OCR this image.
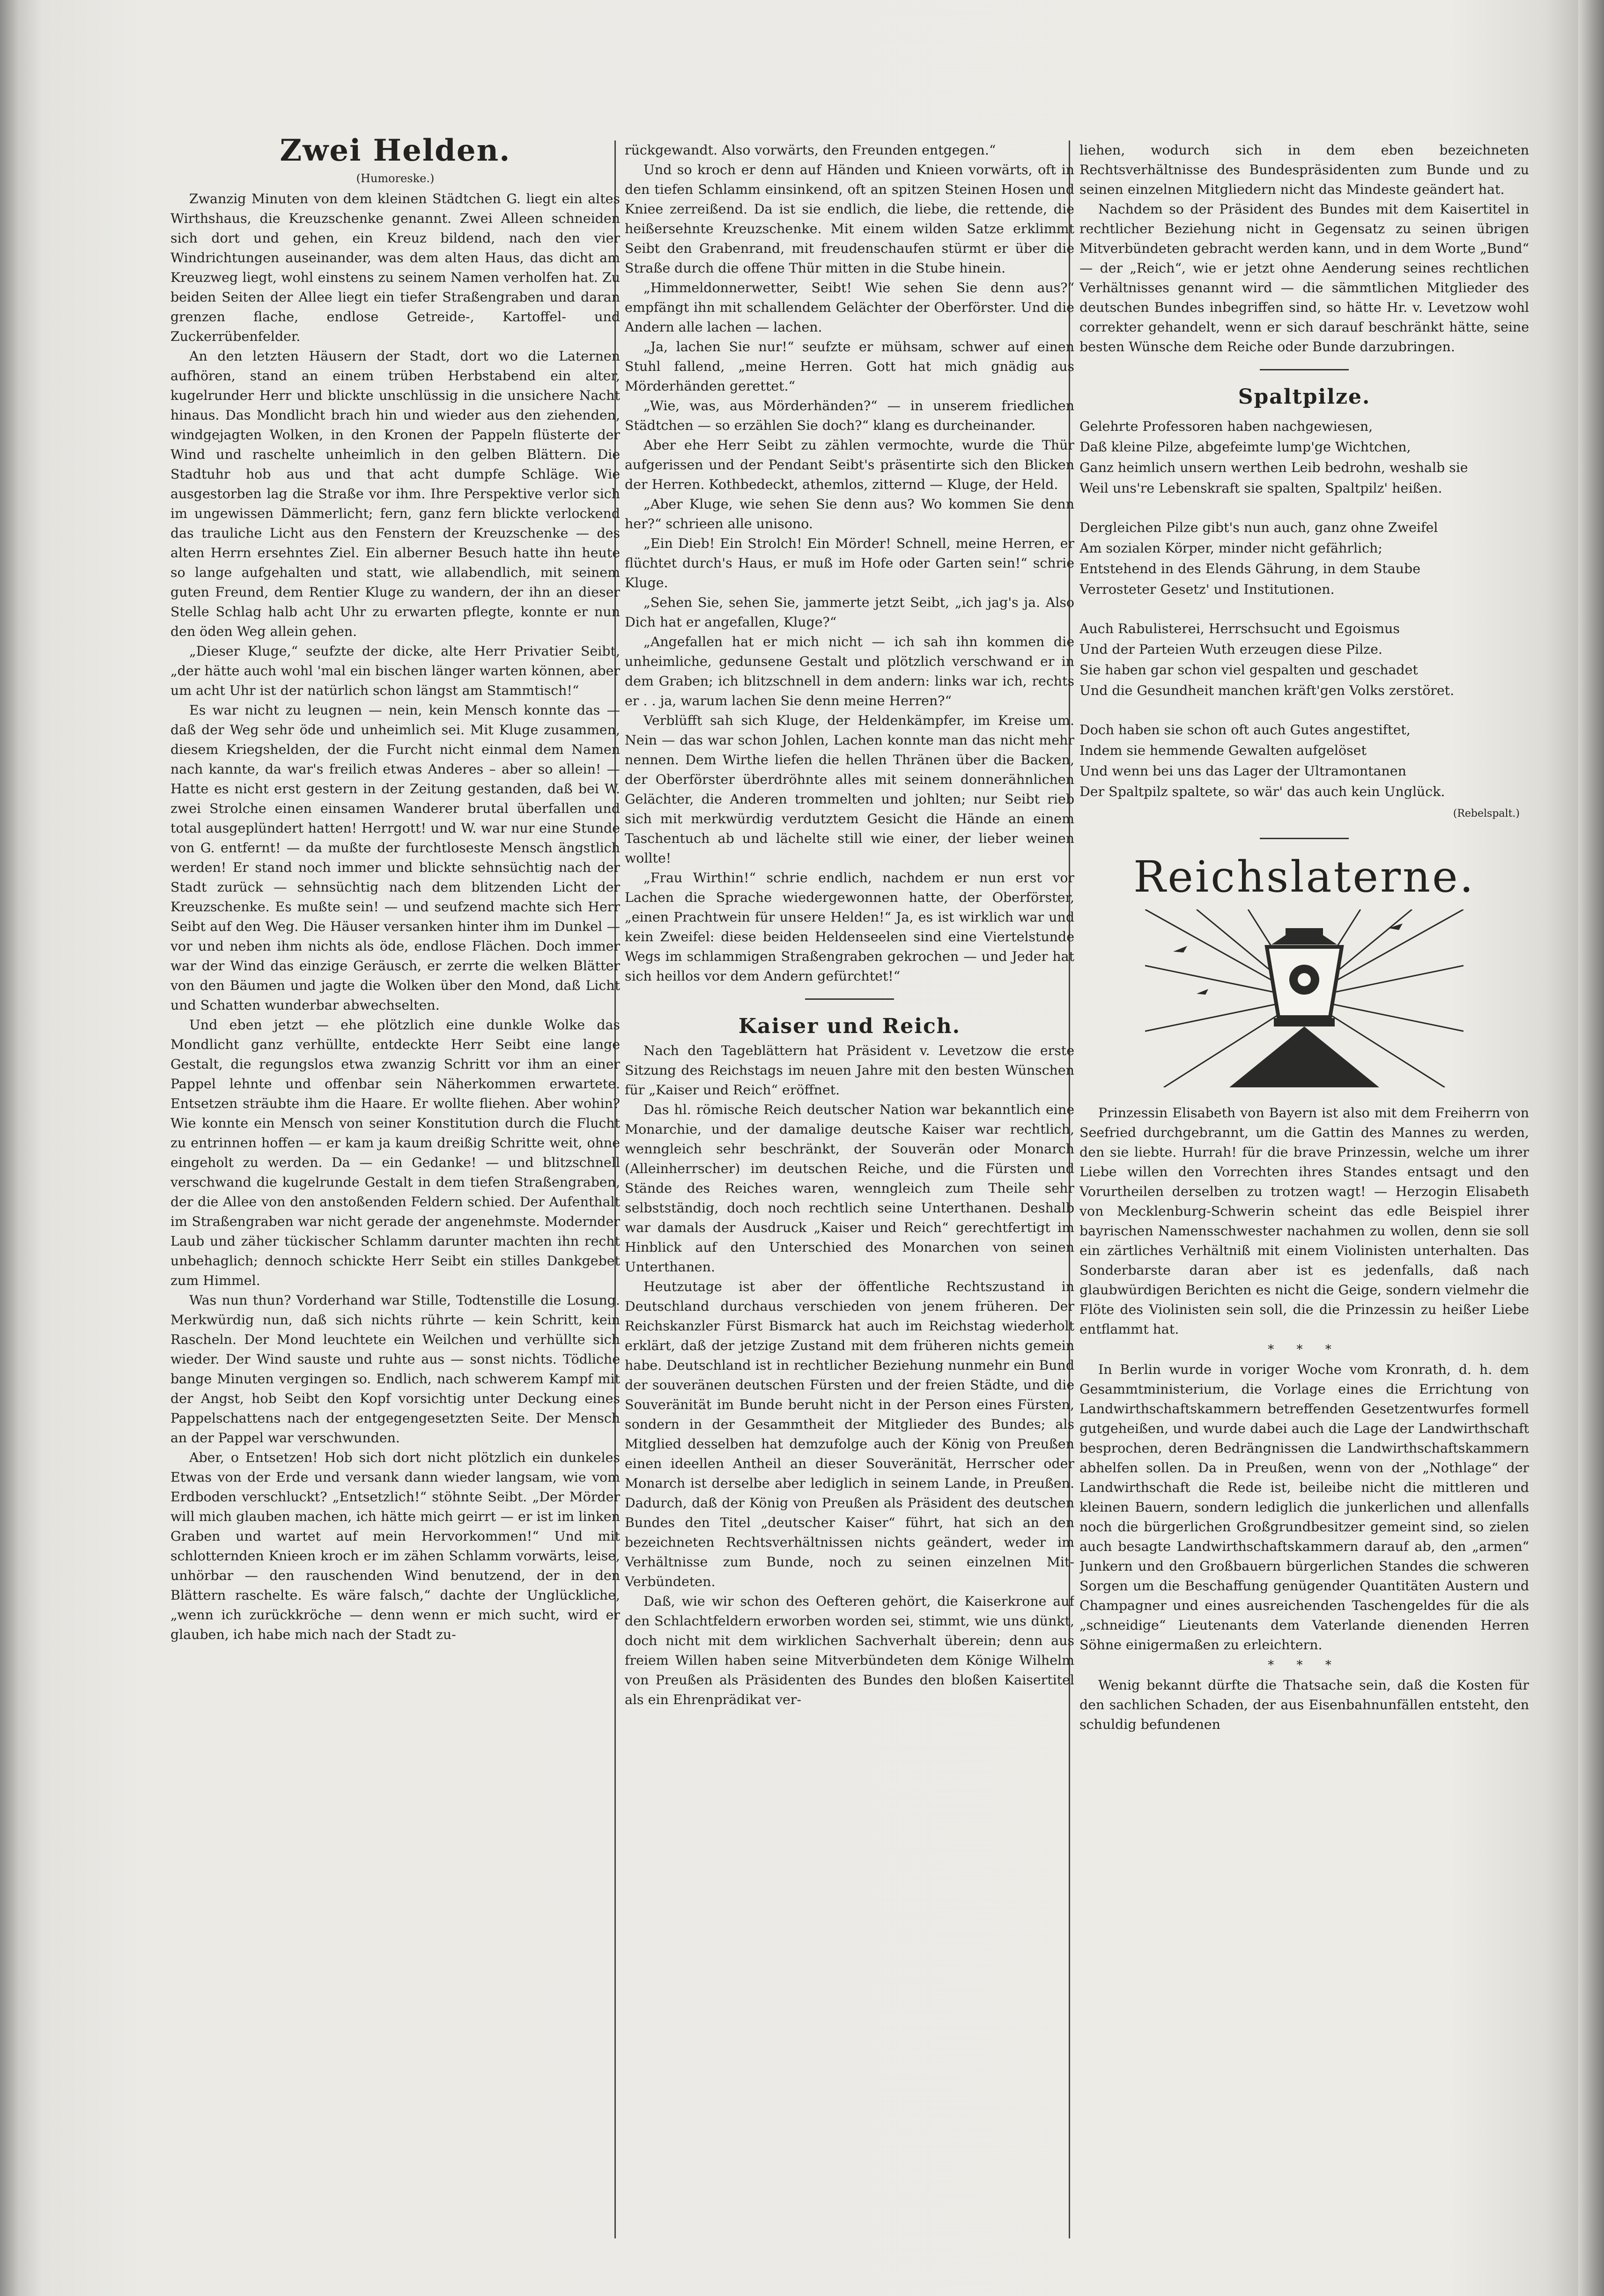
Zwei Helden.
(Humoreske.)

Zwanzig Minuten von dem kleinen Städtchen G. liegt ein altes Wirthshaus, die Kreuzschenke genannt. Zwei Alleen schneiden sich dort und gehen, ein Kreuz bildend, nach den vier Windrichtungen auseinander, was dem alten Haus, das dicht am Kreuzweg liegt, wohl einstens zu seinem Namen verholfen hat. Zu beiden Seiten der Allee liegt ein tiefer Straßengraben und daran grenzen flache, endlose Getreide-, Kartoffel- und Zuckerrübenfelder.

An den letzten Häusern der Stadt, dort wo die Laternen aufhören, stand an einem trüben Herbstabend ein alter, kugelrunder Herr und blickte unschlüssig in die unsichere Nacht hinaus. Das Mondlicht brach hin und wieder aus den ziehenden, windgejagten Wolken, in den Kronen der Pappeln flüsterte der Wind und raschelte unheimlich in den gelben Blättern. Die Stadtuhr hob aus und that acht dumpfe Schläge. Wie ausgestorben lag die Straße vor ihm. Ihre Perspektive verlor sich im ungewissen Dämmerlicht; fern, ganz fern blickte verlockend das trauliche Licht aus den Fenstern der Kreuzschenke — des alten Herrn ersehntes Ziel. Ein alberner Besuch hatte ihn heute so lange aufgehalten und statt, wie allabendlich, mit seinem guten Freund, dem Rentier Kluge zu wandern, der ihn an dieser Stelle Schlag halb acht Uhr zu erwarten pflegte, konnte er nun den öden Weg allein gehen.

„Dieser Kluge,“ seufzte der dicke, alte Herr Privatier Seibt, „der hätte auch wohl 'mal ein bischen länger warten können, aber um acht Uhr ist der natürlich schon längst am Stammtisch!“

Es war nicht zu leugnen — nein, kein Mensch konnte das — daß der Weg sehr öde und unheimlich sei. Mit Kluge zusammen, diesem Kriegshelden, der die Furcht nicht einmal dem Namen nach kannte, da war's freilich etwas Anderes – aber so allein! — Hatte es nicht erst gestern in der Zeitung gestanden, daß bei W. zwei Strolche einen einsamen Wanderer brutal überfallen und total ausgeplündert hatten! Herrgott! und W. war nur eine Stunde von G. entfernt! — da mußte der furchtloseste Mensch ängstlich werden! Er stand noch immer und blickte sehnsüchtig nach der Stadt zurück — sehnsüchtig nach dem blitzenden Licht der Kreuzschenke. Es mußte sein! — und seufzend machte sich Herr Seibt auf den Weg. Die Häuser versanken hinter ihm im Dunkel — vor und neben ihm nichts als öde, endlose Flächen. Doch immer war der Wind das einzige Geräusch, er zerrte die welken Blätter von den Bäumen und jagte die Wolken über den Mond, daß Licht und Schatten wunderbar abwechselten.

Und eben jetzt — ehe plötzlich eine dunkle Wolke das Mondlicht ganz verhüllte, entdeckte Herr Seibt eine lange Gestalt, die regungslos etwa zwanzig Schritt vor ihm an einer Pappel lehnte und offenbar sein Näherkommen erwartete. Entsetzen sträubte ihm die Haare. Er wollte fliehen. Aber wohin? Wie konnte ein Mensch von seiner Konstitution durch die Flucht zu entrinnen hoffen — er kam ja kaum dreißig Schritte weit, ohne eingeholt zu werden. Da — ein Gedanke! — und blitzschnell verschwand die kugelrunde Gestalt in dem tiefen Straßengraben, der die Allee von den anstoßenden Feldern schied. Der Aufenthalt im Straßengraben war nicht gerade der angenehmste. Modernder Laub und zäher tückischer Schlamm darunter machten ihn recht unbehaglich; dennoch schickte Herr Seibt ein stilles Dankgebet zum Himmel.

Was nun thun? Vorderhand war Stille, Todtenstille die Losung. Merkwürdig nun, daß sich nichts rührte — kein Schritt, kein Rascheln. Der Mond leuchtete ein Weilchen und verhüllte sich wieder. Der Wind sauste und ruhte aus — sonst nichts. Tödliche bange Minuten vergingen so. Endlich, nach schwerem Kampf mit der Angst, hob Seibt den Kopf vorsichtig unter Deckung eines Pappelschattens nach der entgegengesetzten Seite. Der Mensch an der Pappel war verschwunden.

Aber, o Entsetzen! Hob sich dort nicht plötzlich ein dunkeles Etwas von der Erde und versank dann wieder langsam, wie vom Erdboden verschluckt? „Entsetzlich!“ stöhnte Seibt. „Der Mörder will mich glauben machen, ich hätte mich geirrt — er ist im linken Graben und wartet auf mein Hervorkommen!“ Und mit schlotternden Knieen kroch er im zähen Schlamm vorwärts, leise, unhörbar — den rauschenden Wind benutzend, der in den Blättern raschelte. Es wäre falsch,“ dachte der Unglückliche, „wenn ich zurückkröche — denn wenn er mich sucht, wird er glauben, ich habe mich nach der Stadt zu-

rückgewandt. Also vorwärts, den Freunden entgegen.“

Und so kroch er denn auf Händen und Knieen vorwärts, oft in den tiefen Schlamm einsinkend, oft an spitzen Steinen Hosen und Kniee zerreißend. Da ist sie endlich, die liebe, die rettende, die heißersehnte Kreuzschenke. Mit einem wilden Satze erklimmt Seibt den Grabenrand, mit freudenschaufen stürmt er über die Straße durch die offene Thür mitten in die Stube hinein.

„Himmeldonnerwetter, Seibt! Wie sehen Sie denn aus?“ empfängt ihn mit schallendem Gelächter der Oberförster. Und die Andern alle lachen — lachen.

„Ja, lachen Sie nur!“ seufzte er mühsam, schwer auf einen Stuhl fallend, „meine Herren. Gott hat mich gnädig aus Mörderhänden gerettet.“

„Wie, was, aus Mörderhänden?“ — in unserem friedlichen Städtchen — so erzählen Sie doch?“ klang es durcheinander.

Aber ehe Herr Seibt zu zählen vermochte, wurde die Thür aufgerissen und der Pendant Seibt's präsentirte sich den Blicken der Herren. Kothbedeckt, athemlos, zitternd — Kluge, der Held.

„Aber Kluge, wie sehen Sie denn aus? Wo kommen Sie denn her?“ schrieen alle unisono.

„Ein Dieb! Ein Strolch! Ein Mörder! Schnell, meine Herren, er flüchtet durch's Haus, er muß im Hofe oder Garten sein!“ schrie Kluge.

„Sehen Sie, sehen Sie, jammerte jetzt Seibt, „ich jag's ja. Also Dich hat er angefallen, Kluge?“

„Angefallen hat er mich nicht — ich sah ihn kommen die unheimliche, gedunsene Gestalt und plötzlich verschwand er in dem Graben; ich blitzschnell in dem andern: links war ich, rechts er . . ja, warum lachen Sie denn meine Herren?“

Verblüfft sah sich Kluge, der Heldenkämpfer, im Kreise um. Nein — das war schon Johlen, Lachen konnte man das nicht mehr nennen. Dem Wirthe liefen die hellen Thränen über die Backen, der Oberförster überdröhnte alles mit seinem donnerähnlichen Gelächter, die Anderen trommelten und johlten; nur Seibt rieb sich mit merkwürdig verdutztem Gesicht die Hände an einem Taschentuch ab und lächelte still wie einer, der lieber weinen wollte!

„Frau Wirthin!“ schrie endlich, nachdem er nun erst vor Lachen die Sprache wiedergewonnen hatte, der Oberförster, „einen Prachtwein für unsere Helden!“ Ja, es ist wirklich war und kein Zweifel: diese beiden Heldenseelen sind eine Viertelstunde Wegs im schlammigen Straßengraben gekrochen — und Jeder hat sich heillos vor dem Andern gefürchtet!“

Kaiser und Reich.

Nach den Tageblättern hat Präsident v. Levetzow die erste Sitzung des Reichstags im neuen Jahre mit den besten Wünschen für „Kaiser und Reich“ eröffnet.

Das hl. römische Reich deutscher Nation war bekanntlich eine Monarchie, und der damalige deutsche Kaiser war rechtlich, wenngleich sehr beschränkt, der Souverän oder Monarch (Alleinherrscher) im deutschen Reiche, und die Fürsten und Stände des Reiches waren, wenngleich zum Theile sehr selbstständig, doch noch rechtlich seine Unterthanen. Deshalb war damals der Ausdruck „Kaiser und Reich“ gerechtfertigt im Hinblick auf den Unterschied des Monarchen von seinen Unterthanen.

Heutzutage ist aber der öffentliche Rechtszustand in Deutschland durchaus verschieden von jenem früheren. Der Reichskanzler Fürst Bismarck hat auch im Reichstag wiederholt erklärt, daß der jetzige Zustand mit dem früheren nichts gemein habe. Deutschland ist in rechtlicher Beziehung nunmehr ein Bund der souveränen deutschen Fürsten und der freien Städte, und die Souveränität im Bunde beruht nicht in der Person eines Fürsten, sondern in der Gesammtheit der Mitglieder des Bundes; als Mitglied desselben hat demzufolge auch der König von Preußen einen ideellen Antheil an dieser Souveränität, Herrscher oder Monarch ist derselbe aber lediglich in seinem Lande, in Preußen. Dadurch, daß der König von Preußen als Präsident des deutschen Bundes den Titel „deutscher Kaiser“ führt, hat sich an den bezeichneten Rechtsverhältnissen nichts geändert, weder im Verhältnisse zum Bunde, noch zu seinen einzelnen Mit-Verbündeten.

Daß, wie wir schon des Oefteren gehört, die Kaiserkrone auf den Schlachtfeldern erworben worden sei, stimmt, wie uns dünkt, doch nicht mit dem wirklichen Sachverhalt überein; denn aus freiem Willen haben seine Mitverbündeten dem Könige Wilhelm von Preußen als Präsidenten des Bundes den bloßen Kaisertitel als ein Ehrenprädikat ver-

liehen, wodurch sich in dem eben bezeichneten Rechtsverhältnisse des Bundespräsidenten zum Bunde und zu seinen einzelnen Mitgliedern nicht das Mindeste geändert hat.

Nachdem so der Präsident des Bundes mit dem Kaisertitel in rechtlicher Beziehung nicht in Gegensatz zu seinen übrigen Mitverbündeten gebracht werden kann, und in dem Worte „Bund“ — der „Reich“, wie er jetzt ohne Aenderung seines rechtlichen Verhältnisses genannt wird — die sämmtlichen Mitglieder des deutschen Bundes inbegriffen sind, so hätte Hr. v. Levetzow wohl correkter gehandelt, wenn er sich darauf beschränkt hätte, seine besten Wünsche dem Reiche oder Bunde darzubringen.

Spaltpilze.
Gelehrte Professoren haben nachgewiesen,
Daß kleine Pilze, abgefeimte lump'ge Wichtchen,
Ganz heimlich unsern werthen Leib bedrohn, weshalb sie
Weil uns're Lebenskraft sie spalten, Spaltpilz' heißen.
Dergleichen Pilze gibt's nun auch, ganz ohne Zweifel
Am sozialen Körper, minder nicht gefährlich;
Entstehend in des Elends Gährung, in dem Staube
Verrosteter Gesetz' und Institutionen.
Auch Rabulisterei, Herrschsucht und Egoismus
Und der Parteien Wuth erzeugen diese Pilze.
Sie haben gar schon viel gespalten und geschadet
Und die Gesundheit manchen kräft'gen Volks zerstöret.
Doch haben sie schon oft auch Gutes angestiftet,
Indem sie hemmende Gewalten aufgelöset
Und wenn bei uns das Lager der Ultramontanen
Der Spaltpilz spaltete, so wär' das auch kein Unglück.
(Rebelspalt.)
Reichslaterne.

Prinzessin Elisabeth von Bayern ist also mit dem Freiherrn von Seefried durchgebrannt, um die Gattin des Mannes zu werden, den sie liebte. Hurrah! für die brave Prinzessin, welche um ihrer Liebe willen den Vorrechten ihres Standes entsagt und den Vorurtheilen derselben zu trotzen wagt! — Herzogin Elisabeth von Mecklenburg-Schwerin scheint das edle Beispiel ihrer bayrischen Namensschwester nachahmen zu wollen, denn sie soll ein zärtliches Verhältniß mit einem Violinisten unterhalten. Das Sonderbarste daran aber ist es jedenfalls, daß nach glaubwürdigen Berichten es nicht die Geige, sondern vielmehr die Flöte des Violinisten sein soll, die die Prinzessin zu heißer Liebe entflammt hat.

* * *

In Berlin wurde in voriger Woche vom Kronrath, d. h. dem Gesammtministerium, die Vorlage eines die Errichtung von Landwirthschaftskammern betreffenden Gesetzentwurfes formell gutgeheißen, und wurde dabei auch die Lage der Landwirthschaft besprochen, deren Bedrängnissen die Landwirthschaftskammern abhelfen sollen. Da in Preußen, wenn von der „Nothlage“ der Landwirthschaft die Rede ist, beileibe nicht die mittleren und kleinen Bauern, sondern lediglich die junkerlichen und allenfalls noch die bürgerlichen Großgrundbesitzer gemeint sind, so zielen auch besagte Landwirthschaftskammern darauf ab, den „armen“ Junkern und den Großbauern bürgerlichen Standes die schweren Sorgen um die Beschaffung genügender Quantitäten Austern und Champagner und eines ausreichenden Taschengeldes für die als „schneidige“ Lieutenants dem Vaterlande dienenden Herren Söhne einigermaßen zu erleichtern.

* * *

Wenig bekannt dürfte die Thatsache sein, daß die Kosten für den sachlichen Schaden, der aus Eisenbahnunfällen entsteht, den schuldig befundenen
